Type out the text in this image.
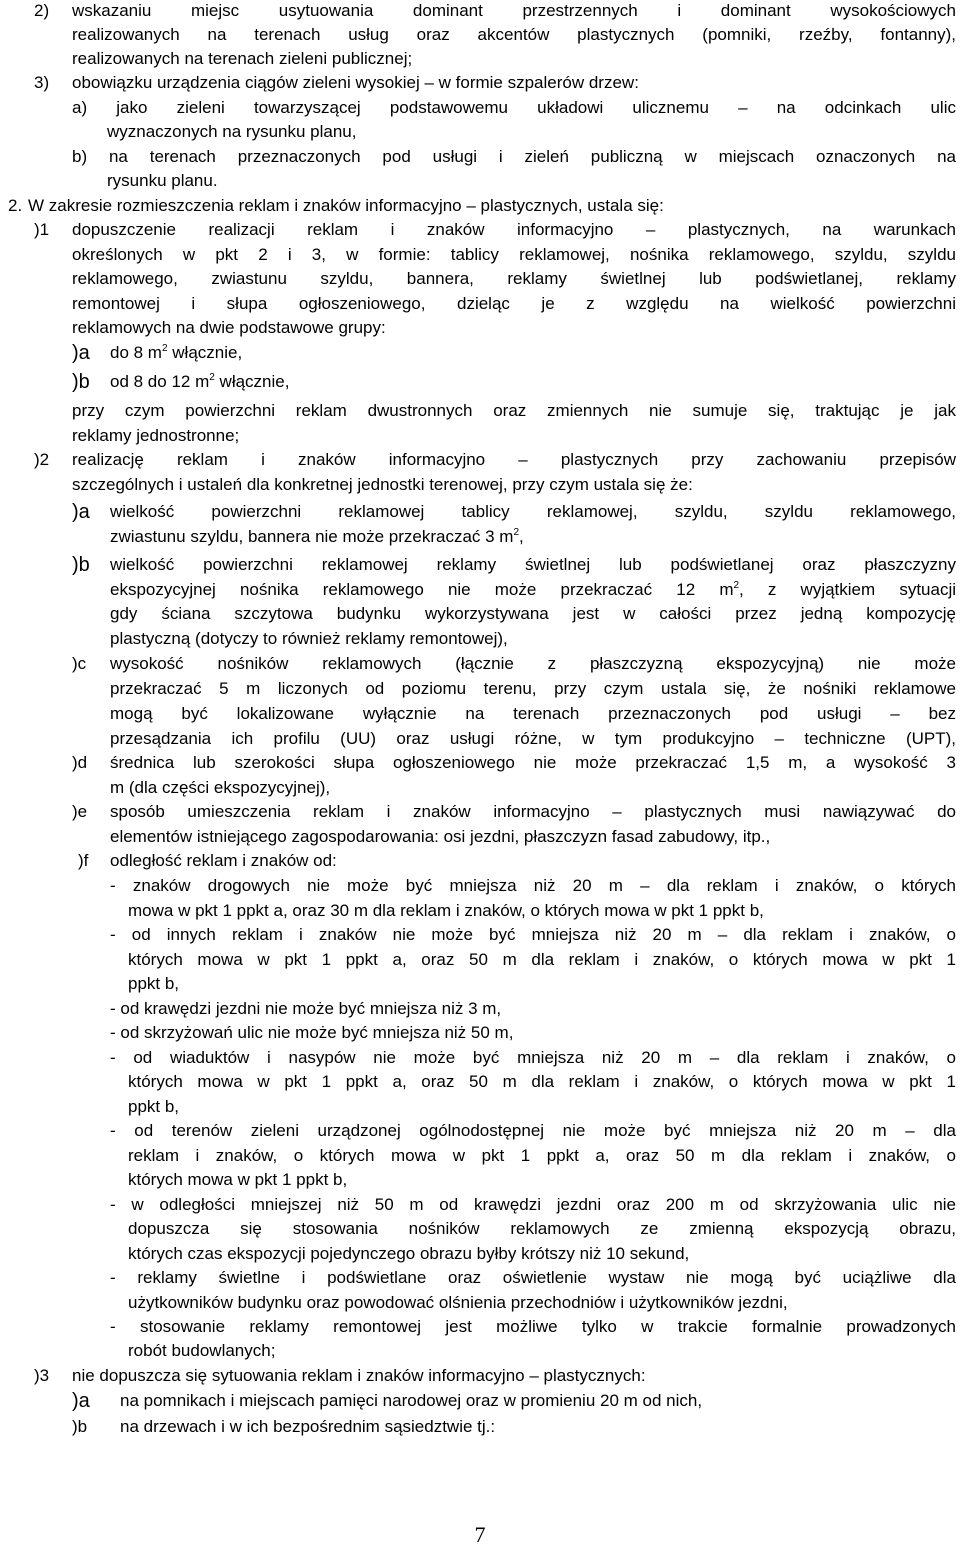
2) wskazaniu miejsc usytuowania dominant przestrzennych i dominant wysokościowych
realizowanych na terenach usług oraz akcentów plastycznych (pomniki, rzeźby, fontanny),
realizowanych na terenach zieleni publicznej;
3) obowiązku urządzenia ciągów zieleni wysokiej – w formie szpalerów drzew:
a) jako zieleni towarzyszącej podstawowemu układowi ulicznemu – na odcinkach ulic
wyznaczonych na rysunku planu,
b) na terenach przeznaczonych pod usługi i zieleń publiczną w miejscach oznaczonych na
rysunku planu.
2. W zakresie rozmieszczenia reklam i znaków informacyjno – plastycznych, ustala się:
)1 dopuszczenie realizacji reklam i znaków informacyjno – plastycznych, na warunkach
określonych w pkt 2 i 3, w formie: tablicy reklamowej, nośnika reklamowego, szyldu, szyldu
reklamowego, zwiastunu szyldu, bannera, reklamy świetlnej lub podświetlanej, reklamy
remontowej i słupa ogłoszeniowego, dzieląc je z względu na wielkość powierzchni
reklamowych na dwie podstawowe grupy:
)a do 8 $m^2$ włącznie,
)b od 8 do 12 $m^2$ włącznie,
przy czym powierzchni reklam dwustronnych oraz zmiennych nie sumuje się, traktując je jak
reklamy jednostronne;
)2 realizację reklam i znaków informacyjno – plastycznych przy zachowaniu przepisów
szczególnych i ustaleń dla konkretnej jednostki terenowej, przy czym ustala się że:
)a wielkość powierzchni reklamowej tablicy reklamowej, szyldu, szyldu reklamowego,
zwiastunu szyldu, bannera nie może przekraczać 3 $m^2$,
)b wielkość powierzchni reklamowej reklamy świetlnej lub podświetlanej oraz płaszczyzny
ekspozycyjnej nośnika reklamowego nie może przekraczać 12 $m^2$, z wyjątkiem sytuacji
gdy ściana szczytowa budynku wykorzystywana jest w całości przez jedną kompozycję
plastyczną (dotyczy to również reklamy remontowej),
)c wysokość nośników reklamowych (łącznie z płaszczyzną ekspozycyjną) nie może
przekraczać 5 m liczonych od poziomu terenu, przy czym ustala się, że nośniki reklamowe
mogą być lokalizowane wyłącznie na terenach przeznaczonych pod usługi – bez
przesądzania ich profilu (UU) oraz usługi różne, w tym produkcyjno – techniczne (UPT),
)d średnica lub szerokości słupa ogłoszeniowego nie może przekraczać 1,5 m, a wysokość 3
m (dla części ekspozycyjnej),
)e sposób umieszczenia reklam i znaków informacyjno – plastycznych musi nawiązywać do
elementów istniejącego zagospodarowania: osi jezdni, płaszczyzn fasad zabudowy, itp.,
)f odległość reklam i znaków od:
- znaków drogowych nie może być mniejsza niż 20 m – dla reklam i znaków, o których
mowa w pkt 1 ppkt a, oraz 30 m dla reklam i znaków, o których mowa w pkt 1 ppkt b,
- od innych reklam i znaków nie może być mniejsza niż 20 m – dla reklam i znaków, o
których mowa w pkt 1 ppkt a, oraz 50 m dla reklam i znaków, o których mowa w pkt 1
ppkt b,
- od krawędzi jezdni nie może być mniejsza niż 3 m,
- od skrzyżowań ulic nie może być mniejsza niż 50 m,
- od wiaduktów i nasypów nie może być mniejsza niż 20 m – dla reklam i znaków, o
których mowa w pkt 1 ppkt a, oraz 50 m dla reklam i znaków, o których mowa w pkt 1
ppkt b,
- od terenów zieleni urządzonej ogólnodostępnej nie może być mniejsza niż 20 m – dla
reklam i znaków, o których mowa w pkt 1 ppkt a, oraz 50 m dla reklam i znaków, o
których mowa w pkt 1 ppkt b,
- w odległości mniejszej niż 50 m od krawędzi jezdni oraz 200 m od skrzyżowania ulic nie
dopuszcza się stosowania nośników reklamowych ze zmienną ekspozycją obrazu,
których czas ekspozycji pojedynczego obrazu byłby krótszy niż 10 sekund,
- reklamy świetlne i podświetlane oraz oświetlenie wystaw nie mogą być uciążliwe dla
użytkowników budynku oraz powodować olśnienia przechodniów i użytkowników jezdni,
- stosowanie reklamy remontowej jest możliwe tylko w trakcie formalnie prowadzonych
robót budowlanych;
)3 nie dopuszcza się sytuowania reklam i znaków informacyjno – plastycznych:
)a na pomnikach i miejscach pamięci narodowej oraz w promieniu 20 m od nich,
)b na drzewach i w ich bezpośrednim sąsiedztwie tj.:
7
